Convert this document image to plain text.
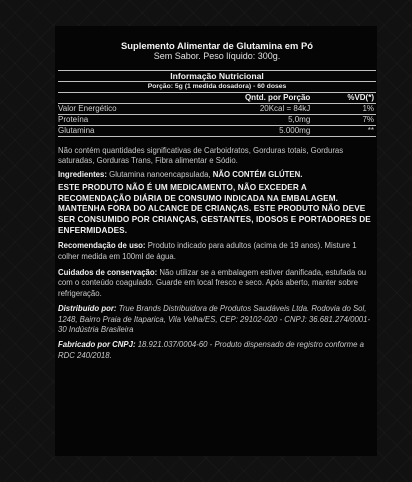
Suplemento Alimentar de Glutamina em Pó
Sem Sabor. Peso líquido: 300g.
Informação Nutricional		
Porção: 5g (1 medida dosadora) - 60 doses		
	Qntd. por Porção	%VD(*)
Valor Energético	20Kcal = 84kJ	1%
Proteína	5,0mg	7%
Glutamina	5.000mg	**
Não contém quantidades significativas de Carboidratos, Gorduras totais, Gorduras saturadas, Gorduras Trans, Fibra alimentar e Sódio.
Ingredientes: Glutamina nanoencapsulada, NÃO CONTÉM GLÚTEN.
ESTE PRODUTO NÃO É UM MEDICAMENTO, NÃO EXCEDER A RECOMENDAÇÃO DIÁRIA DE CONSUMO INDICADA NA EMBALAGEM. MANTENHA FORA DO ALCANCE DE CRIANÇAS. ESTE PRODUTO NÃO DEVE SER CONSUMIDO POR CRIANÇAS, GESTANTES, IDOSOS E PORTADORES DE ENFERMIDADES.
Recomendação de uso: Produto indicado para adultos (acima de 19 anos). Misture 1 colher medida em 100ml de água.
Cuidados de conservação: Não utilizar se a embalagem estiver danificada, estufada ou com o conteúdo coagulado. Guarde em local fresco e seco. Após aberto, manter sobre refrigeração.
Distribuído por: True Brands Distribuidora de Produtos Saudáveis Ltda. Rodovia do Sol, 1248, Bairro Praia de Itaparica, Vila Velha/ES, CEP: 29102-020 - CNPJ: 36.681.274/0001-30 Indústria Brasileira
Fabricado por CNPJ: 18.921.037/0004-60 - Produto dispensado de registro conforme a RDC 240/2018.
